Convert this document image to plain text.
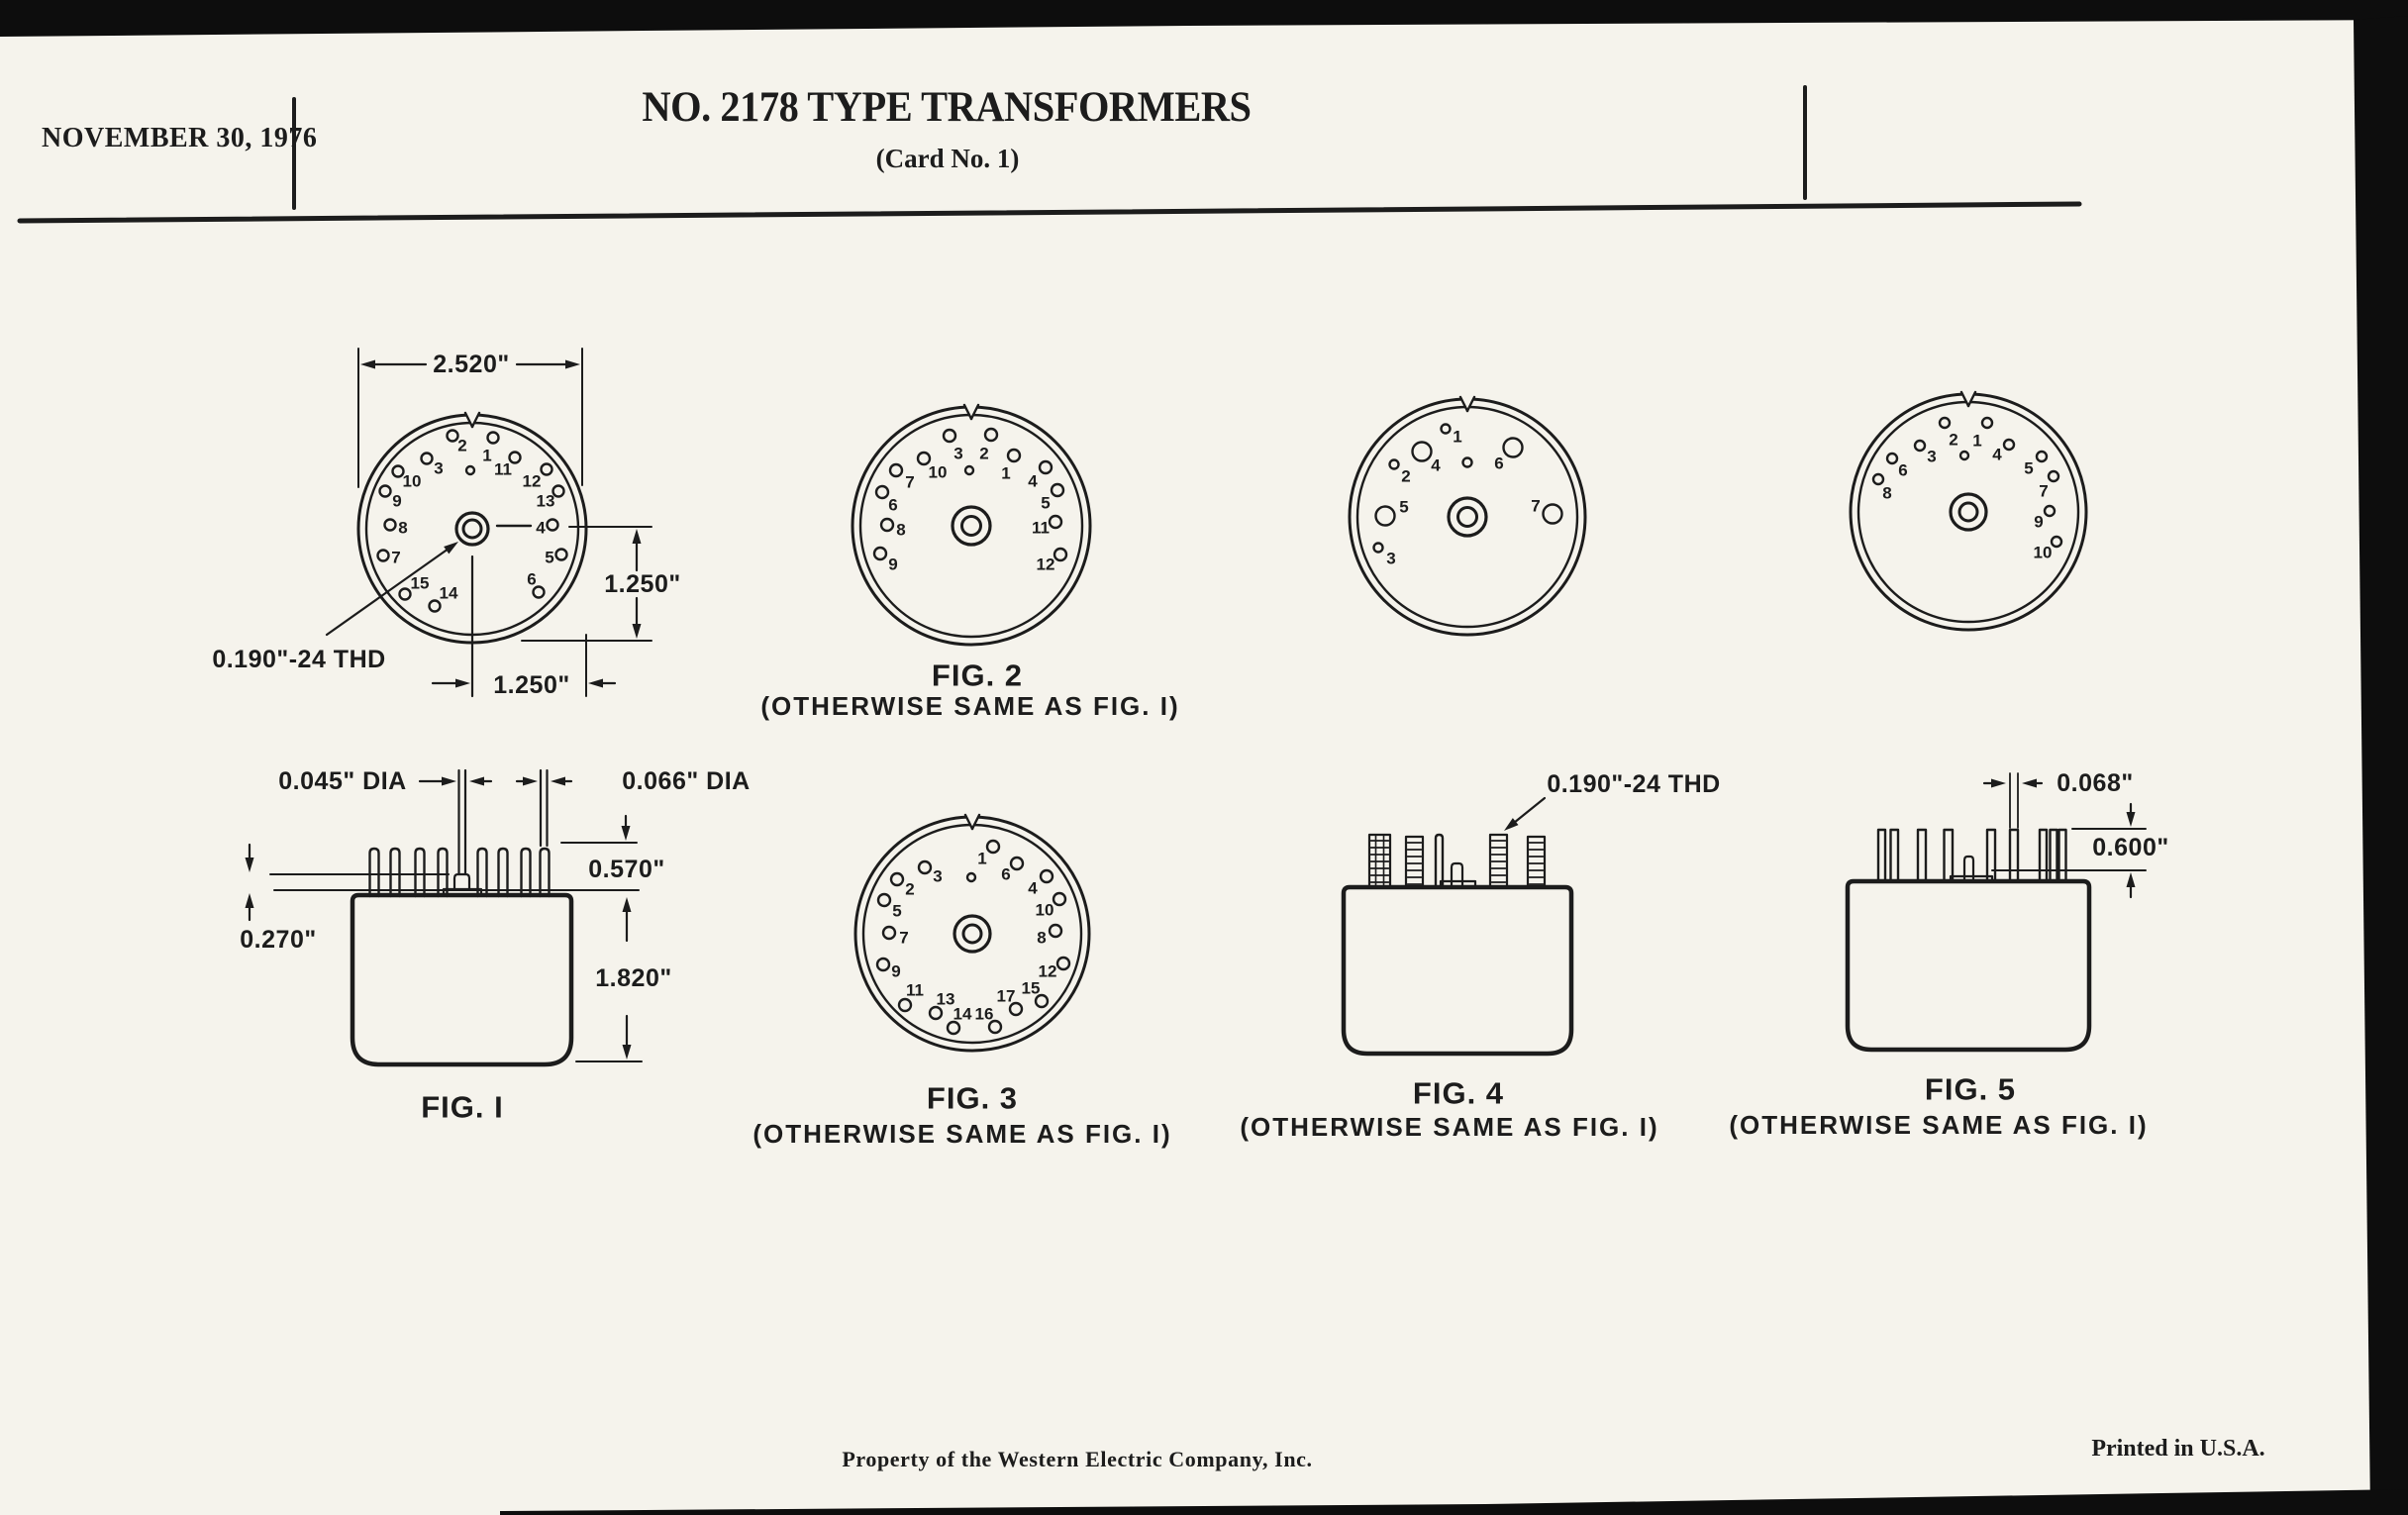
NOVEMBER 30, 1976
NO. 2178 TYPE TRANSFORMERS
(Card No. 1)
Property of the Western Electric Company, Inc.	Printed in U.S.A.
2
1
11
3
10	12
9	13
8	4
7	5
15
14
6
3 2
10	1
7	4
6	5
8	11
9	12
1
6
3
2	4
5	10
7	8
9	12
11	15
13 17
14 16
1
4
2
6
5	7
3
2 1
3	4
6	5
8	7
9
10
2.520"
1.250"
1.250"
0.190"-24 THD
0.045" DIA	0.066" DIA
0.570"
0.270"
1.820"
FIG. I
FIG. 2
(OTHERWISE SAME AS FIG. I)
FIG. 3
(OTHERWISE SAME AS FIG. I)
0.190"-24 THD
FIG. 4
(OTHERWISE SAME AS FIG. I)
0.068"
0.600"
FIG. 5
(OTHERWISE SAME AS FIG. I)
